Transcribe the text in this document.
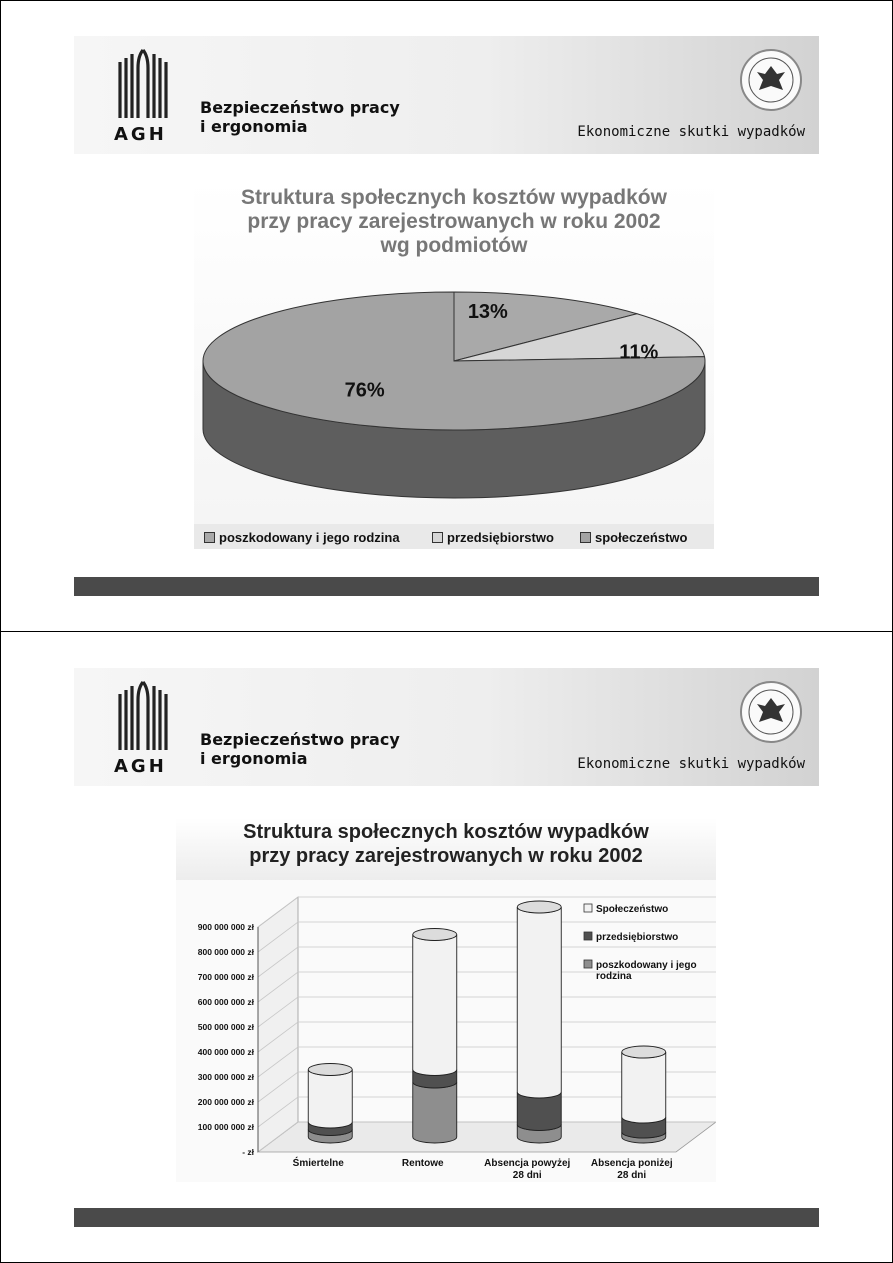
AGH
Bezpieczeństwo pracy
i ergonomia	Ekonomiczne skutki wypadków
Struktura społecznych kosztów wypadków
przy pracy zarejestrowanych w roku 2002
wg podmiotów
13%
11%
76%
poszkodowany i jego rodzina	przedsiębiorstwo	społeczeństwo
AGH
Bezpieczeństwo pracy
i ergonomia	Ekonomiczne skutki wypadków
Struktura społecznych kosztów wypadków
przy pracy zarejestrowanych w roku 2002
- zł
100 000 000 zł
200 000 000 zł
300 000 000 zł
400 000 000 zł
500 000 000 zł
600 000 000 zł
700 000 000 zł
800 000 000 zł
900 000 000 zł
Śmiertelne	Rentowe	Absencja powyżej
28 dni
Absencja poniżej
28 dni
Społeczeństwo
przedsiębiorstwo
poszkodowany i jego
rodzina
